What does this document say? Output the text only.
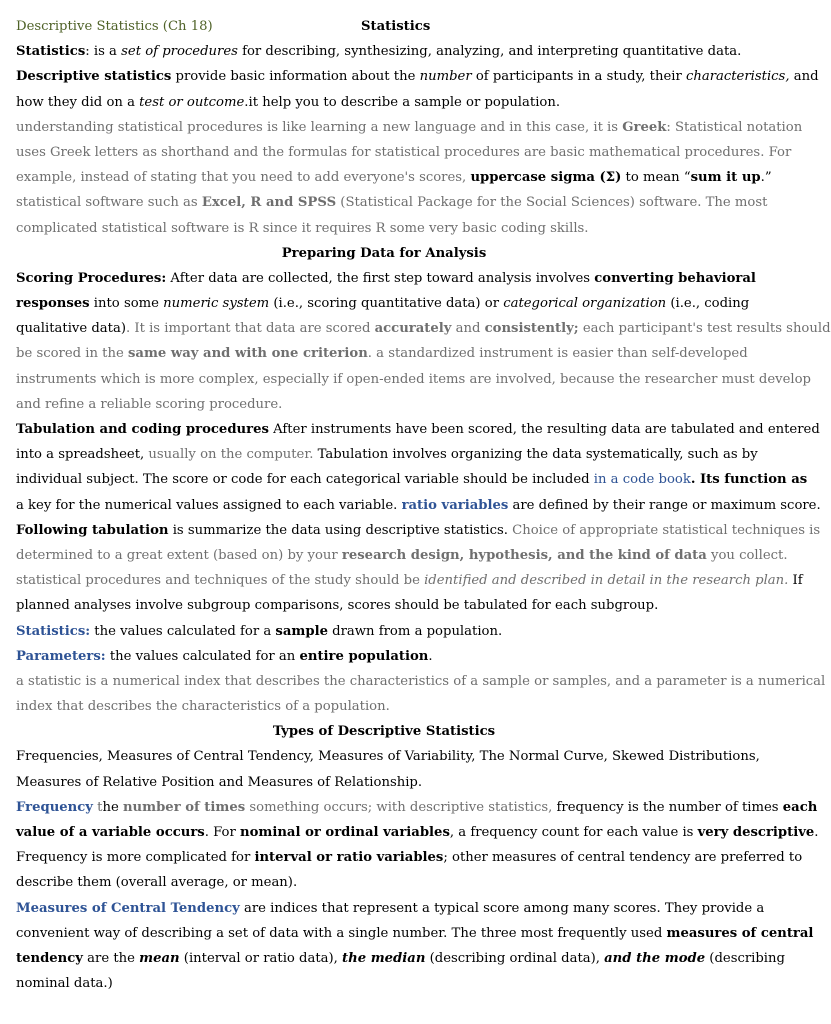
Descriptive Statistics (Ch 18)	Statistics
Statistics: is a set of procedures for describing, synthesizing, analyzing, and interpreting quantitative data.
Descriptive statistics provide basic information about the number of participants in a study, their characteristics, and
how they did on a test or outcome.it help you to describe a sample or population.
understanding statistical procedures is like learning a new language and in this case, it is Greek: Statistical notation
uses Greek letters as shorthand and the formulas for statistical procedures are basic mathematical procedures. For
example, instead of stating that you need to add everyone's scores, uppercase sigma (Σ) to mean “sum it up.”
statistical software such as Excel, R and SPSS (Statistical Package for the Social Sciences) software. The most
complicated statistical software is R since it requires R some very basic coding skills.
Preparing Data for Analysis
Scoring Procedures: After data are collected, the first step toward analysis involves converting behavioral
responses into some numeric system (i.e., scoring quantitative data) or categorical organization (i.e., coding
qualitative data). It is important that data are scored accurately and consistently; each participant's test results should
be scored in the same way and with one criterion. a standardized instrument is easier than self-developed
instruments which is more complex, especially if open-ended items are involved, because the researcher must develop
and refine a reliable scoring procedure.
Tabulation and coding procedures After instruments have been scored, the resulting data are tabulated and entered
into a spreadsheet, usually on the computer. Tabulation involves organizing the data systematically, such as by
individual subject. The score or code for each categorical variable should be included in a code book. Its function as
a key for the numerical values assigned to each variable. ratio variables are defined by their range or maximum score.
Following tabulation is summarize the data using descriptive statistics. Choice of appropriate statistical techniques is
determined to a great extent (based on) by your research design, hypothesis, and the kind of data you collect.
statistical procedures and techniques of the study should be identified and described in detail in the research plan. If
planned analyses involve subgroup comparisons, scores should be tabulated for each subgroup.
Statistics: the values calculated for a sample drawn from a population.
Parameters: the values calculated for an entire population.
a statistic is a numerical index that describes the characteristics of a sample or samples, and a parameter is a numerical
index that describes the characteristics of a population.
Types of Descriptive Statistics
Frequencies, Measures of Central Tendency, Measures of Variability, The Normal Curve, Skewed Distributions,
Measures of Relative Position and Measures of Relationship.
Frequency the number of times something occurs; with descriptive statistics, frequency is the number of times each
value of a variable occurs. For nominal or ordinal variables, a frequency count for each value is very descriptive.
Frequency is more complicated for interval or ratio variables; other measures of central tendency are preferred to
describe them (overall average, or mean).
Measures of Central Tendency are indices that represent a typical score among many scores. They provide a
convenient way of describing a set of data with a single number. The three most frequently used measures of central
tendency are the mean (interval or ratio data), the median (describing ordinal data), and the mode (describing
nominal data.)
